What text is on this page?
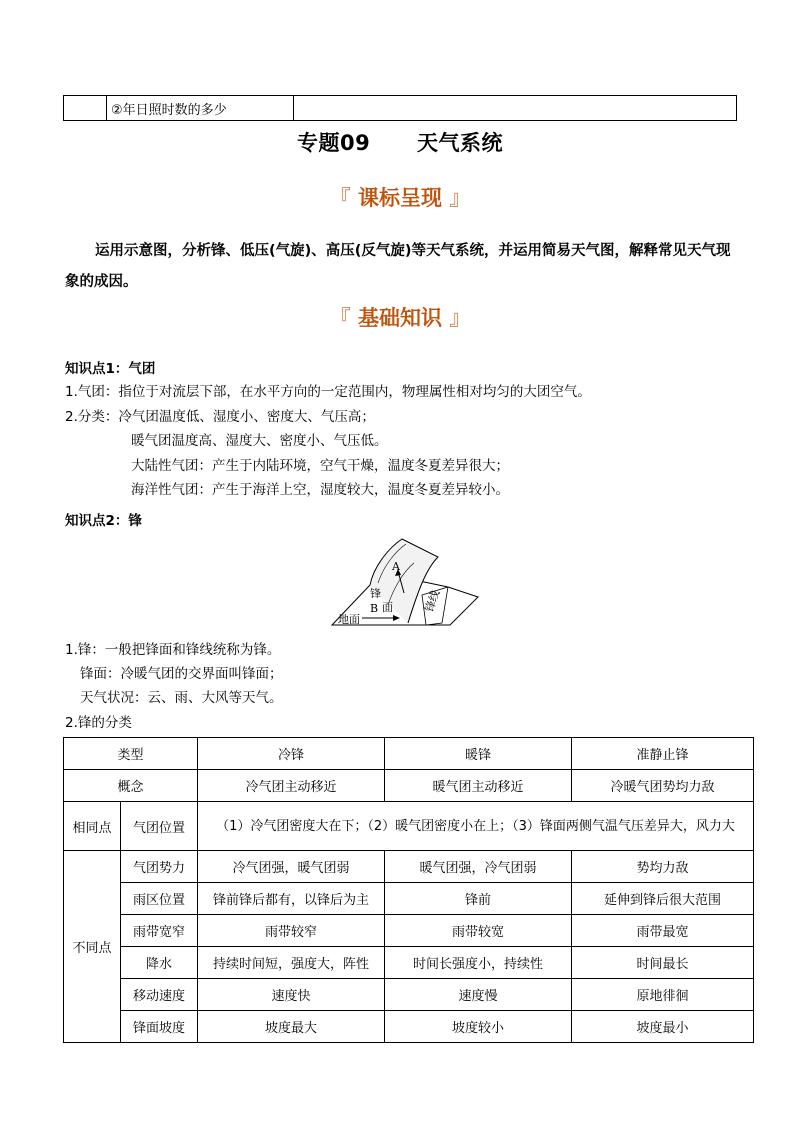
	②年日照时数的多少	
专题09      天气系统
『 课标呈现 』
运用示意图，分析锋、低压(气旋)、高压(反气旋)等天气系统，并运用简易天气图，解释常见天气现象的成因。
『 基础知识 』
知识点1：气团
1.气团：指位于对流层下部，在水平方向的一定范围内，物理属性相对均匀的大团空气。
2.分类：冷气团温度低、湿度小、密度大、气压高；
暖气团温度高、湿度大、密度小、气压低。
大陆性气团：产生于内陆环境，空气干燥，温度冬夏差异很大；
海洋性气团：产生于海洋上空，湿度较大，温度冬夏差异较小。
知识点2：锋
A
B
锋
面
地面
锋线
1.锋：一般把锋面和锋线统称为锋。
锋面：冷暖气团的交界面叫锋面；
天气状况：云、雨、大风等天气。
2.锋的分类
类型		冷锋	暖锋	准静止锋
概念		冷气团主动移近	暖气团主动移近	冷暖气团势均力敌
相同点	气团位置	（1）冷气团密度大在下；（2）暖气团密度小在上；（3）锋面两侧气温气压差异大，风力大		
不同点	气团势力	冷气团强，暖气团弱	暖气团强，冷气团弱	势均力敌
	雨区位置	锋前锋后都有，以锋后为主	锋前	延伸到锋后很大范围
	雨带宽窄	雨带较窄	雨带较宽	雨带最宽
	降水	持续时间短，强度大，阵性	时间长强度小，持续性	时间最长
	移动速度	速度快	速度慢	原地徘徊
	锋面坡度	坡度最大	坡度较小	坡度最小
